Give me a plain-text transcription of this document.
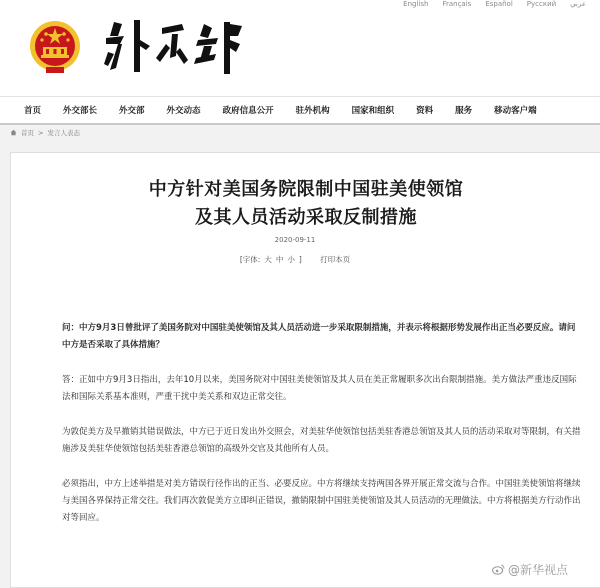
English Français Español Русский عربي
首页	外交部长	外交部	外交动态	政府信息公开	驻外机构	国家和组织	资料	服务	移动客户端
首页 > 发言人表态
中方针对美国务院限制中国驻美使领馆
及其人员活动采取反制措施
2020-09-11
[字体: 大 中 小 ] 打印本页
问：中方9月3日曾批评了美国务院对中国驻美使领馆及其人员活动进一步采取限制措施，并表示将根据形势发展作出正当必要反应。请问中方是否采取了具体措施？
答：正如中方9月3日指出，去年10月以来，美国务院对中国驻美使领馆及其人员在美正常履职多次出台限制措施。美方做法严重违反国际法和国际关系基本准则，严重干扰中美关系和双边正常交往。
为敦促美方及早撤销其错误做法，中方已于近日发出外交照会，对美驻华使领馆包括美驻香港总领馆及其人员的活动采取对等限制，有关措施涉及美驻华使领馆包括美驻香港总领馆的高级外交官及其他所有人员。
必须指出，中方上述举措是对美方错误行径作出的正当、必要反应。中方将继续支持两国各界开展正常交流与合作。中国驻美使领馆将继续与美国各界保持正常交往。我们再次敦促美方立即纠正错误，撤销限制中国驻美使领馆及其人员活动的无理做法。中方将根据美方行动作出对等回应。
@新华视点
